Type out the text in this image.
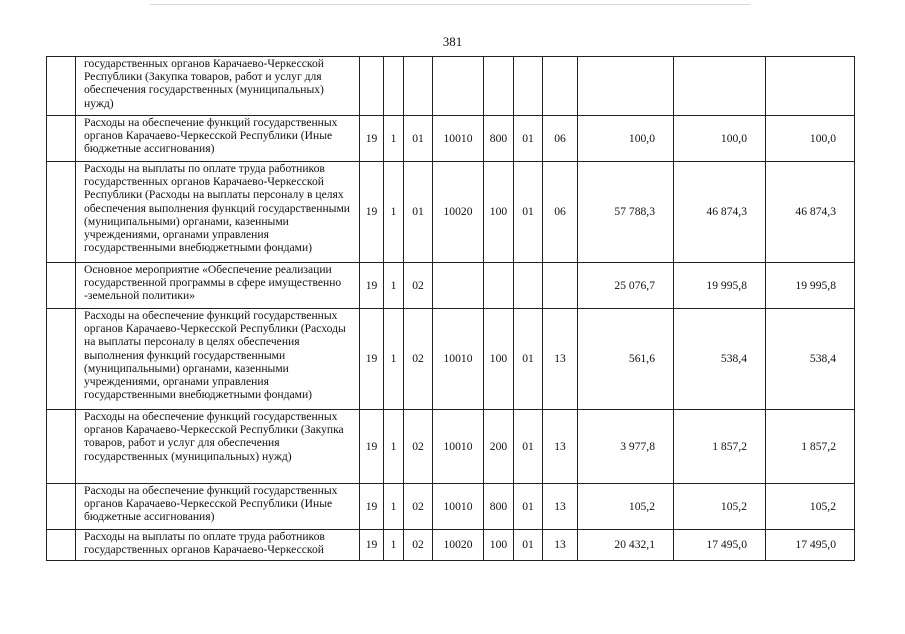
381
	государственных органов Карачаево-Черкесской Республики (Закупка товаров, работ и услуг для обеспечения государственных (муниципальных) нужд)										
	Расходы на обеспечение функций государственных органов Карачаево-Черкесской Республики (Иные бюджетные ассигнования)	19	1	01	10010	800	01	06	100,0	100,0	100,0
	Расходы на выплаты по оплате труда работников государственных органов Карачаево-Черкесской Республики (Расходы на выплаты персоналу в целях обеспечения выполнения функций государственными (муниципальными) органами, казенными учреждениями, органами управления государственными внебюджетными фондами)	19	1	01	10020	100	01	06	57 788,3	46 874,3	46 874,3
	Основное мероприятие «Обеспечение реализации государственной программы в сфере имущественно -земельной политики»	19	1	02					25 076,7	19 995,8	19 995,8
	Расходы на обеспечение функций государственных органов Карачаево-Черкесской Республики (Расходы на выплаты персоналу в целях обеспечения выполнения функций государственными (муниципальными) органами, казенными учреждениями, органами управления государственными внебюджетными фондами)	19	1	02	10010	100	01	13	561,6	538,4	538,4
	Расходы на обеспечение функций государственных органов Карачаево-Черкесской Республики (Закупка товаров, работ и услуг для обеспечения государственных (муниципальных) нужд)	19	1	02	10010	200	01	13	3 977,8	1 857,2	1 857,2
	Расходы на обеспечение функций государственных органов Карачаево-Черкесской Республики (Иные бюджетные ассигнования)	19	1	02	10010	800	01	13	105,2	105,2	105,2
	Расходы на выплаты по оплате труда работников государственных органов Карачаево-Черкесской	19	1	02	10020	100	01	13	20 432,1	17 495,0	17 495,0
